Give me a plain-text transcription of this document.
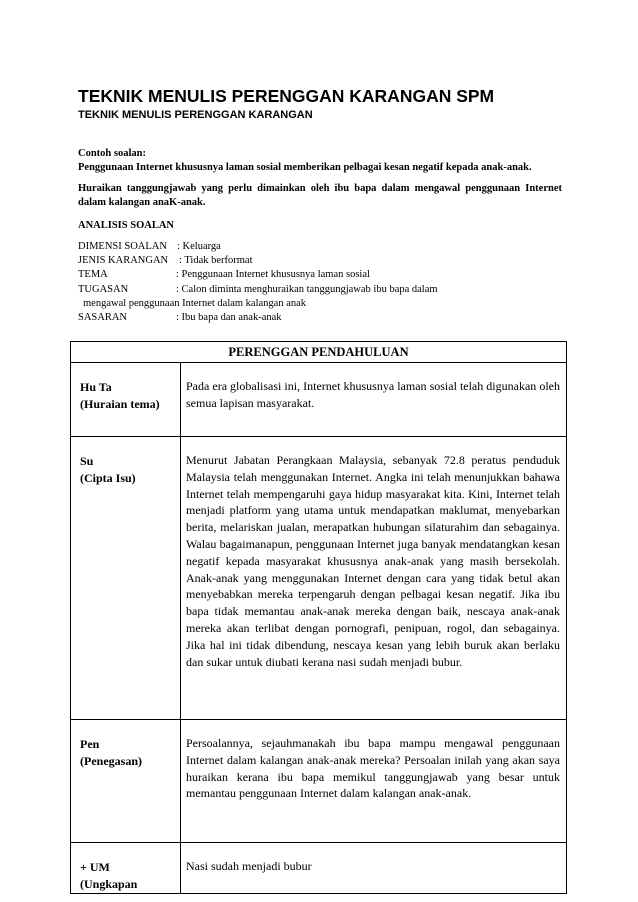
TEKNIK MENULIS PERENGGAN KARANGAN SPM
TEKNIK MENULIS PERENGGAN KARANGAN
Contoh soalan:
Penggunaan Internet khususnya laman sosial memberikan pelbagai kesan negatif kepada anak-anak.
Huraikan tanggungjawab yang perlu dimainkan oleh ibu bapa dalam mengawal penggunaan Internet dalam kalangan anaK-anak.
ANALISIS SOALAN
DIMENSI SOALAN : Keluarga
JENIS KARANGAN : Tidak berformat
TEMA	: Penggunaan Internet khususnya laman sosial
TUGASAN	: Calon diminta menghuraikan tanggungjawab ibu bapa dalam
mengawal penggunaan Internet dalam kalangan anak
SASARAN	: Ibu bapa dan anak-anak
PERENGGAN PENDAHULUAN	

Hu Ta
(Huraian tema)	Pada era globalisasi ini, Internet khususnya laman sosial telah digunakan oleh semua lapisan masyarakat.

Su
(Cipta Isu)	Menurut Jabatan Perangkaan Malaysia, sebanyak 72.8 peratus penduduk Malaysia telah menggunakan Internet. Angka ini telah menunjukkan bahawa Internet telah mempengaruhi gaya hidup masyarakat kita. Kini, Internet telah menjadi platform yang utama untuk mendapatkan maklumat, menyebarkan berita, melariskan jualan, merapatkan hubungan silaturahim dan sebagainya. Walau bagaimanapun, penggunaan Internet juga banyak mendatangkan kesan negatif kepada masyarakat khususnya anak-anak yang masih bersekolah. Anak-anak yang menggunakan Internet dengan cara yang tidak betul akan menyebabkan mereka terpengaruh dengan pelbagai kesan negatif. Jika ibu bapa tidak memantau anak-anak mereka dengan baik, nescaya anak-anak mereka akan terlibat dengan pornografi, penipuan, rogol, dan sebagainya. Jika hal ini tidak dibendung, nescaya kesan yang lebih buruk akan berlaku dan sukar untuk diubati kerana nasi sudah menjadi bubur.

Pen
(Penegasan)	Persoalannya, sejauhmanakah ibu bapa mampu mengawal penggunaan Internet dalam kalangan anak-anak mereka? Persoalan inilah yang akan saya huraikan kerana ibu bapa memikul tanggungjawab yang besar untuk memantau penggunaan Internet dalam kalangan anak-anak.

+ UM
(Ungkapan	Nasi sudah menjadi bubur
